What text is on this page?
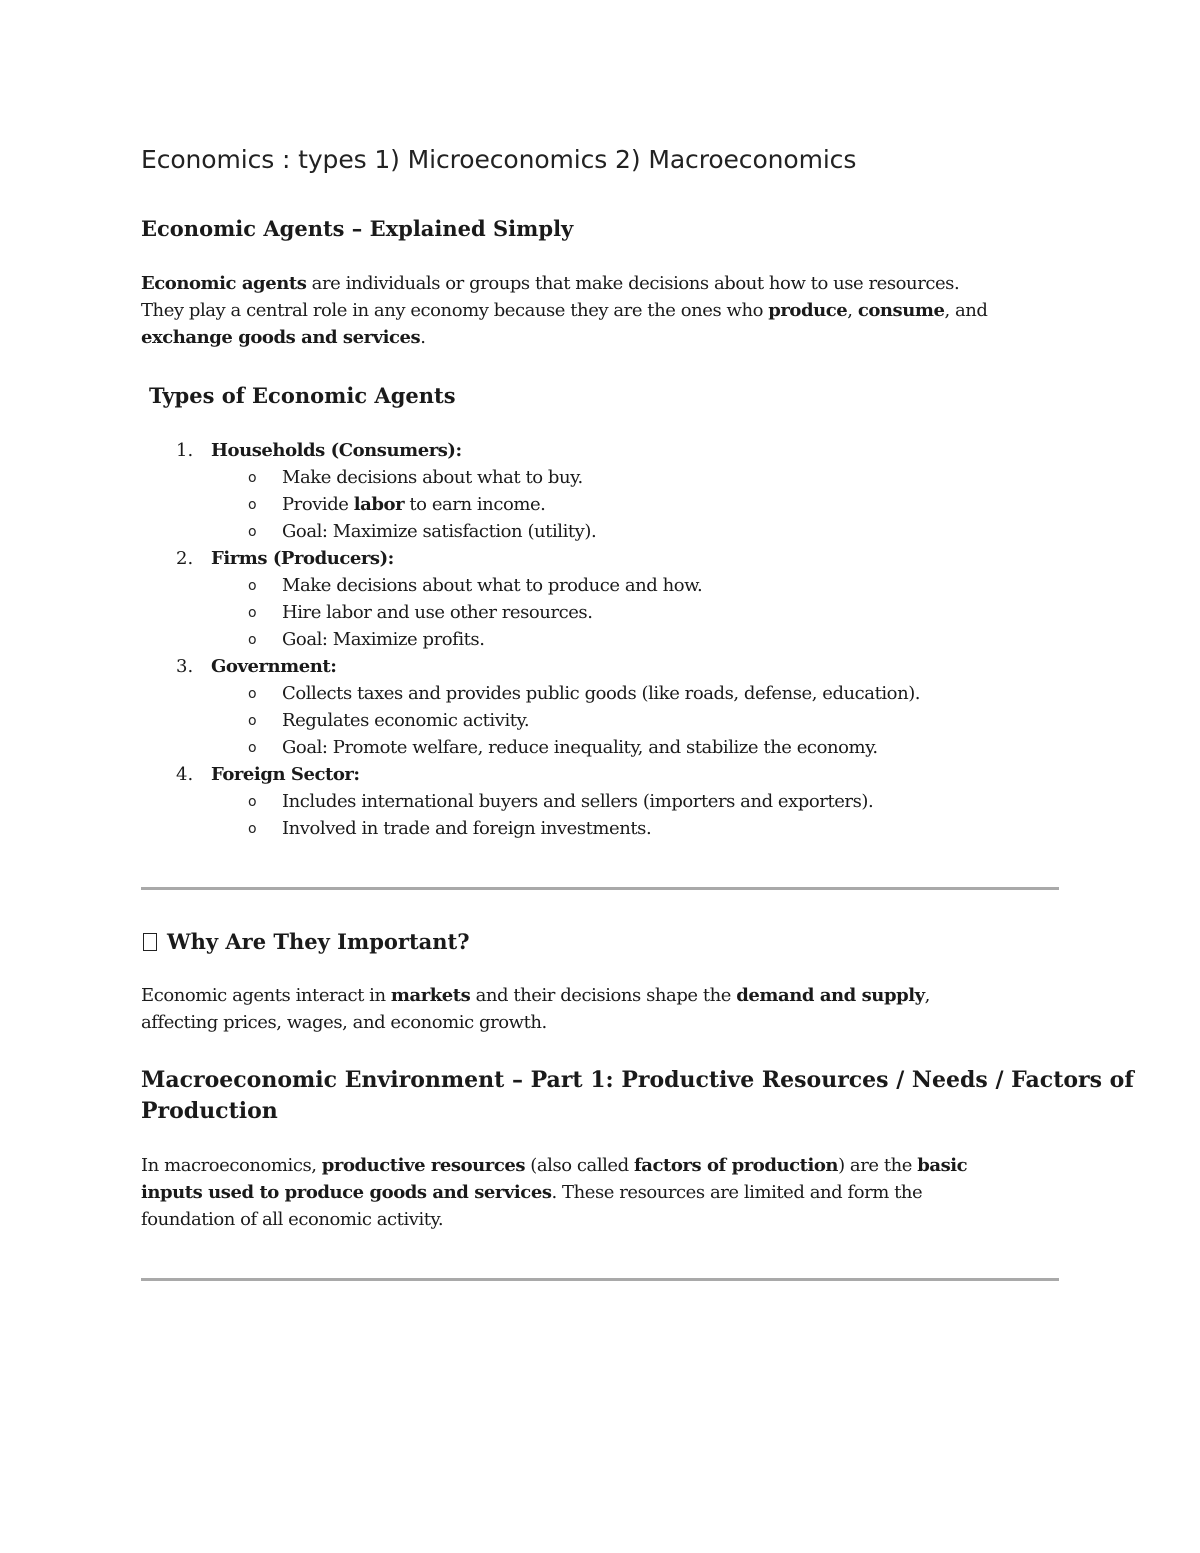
Economics : types 1) Microeconomics 2) Macroeconomics
Economic Agents – Explained Simply
Economic agents are individuals or groups that make decisions about how to use resources.
They play a central role in any economy because they are the ones who produce, consume, and
exchange goods and services.
Types of Economic Agents
1. Households (Consumers):
o Make decisions about what to buy.
o Provide labor to earn income.
o Goal: Maximize satisfaction (utility).
2. Firms (Producers):
o Make decisions about what to produce and how.
o Hire labor and use other resources.
o Goal: Maximize profits.
3. Government:
o Collects taxes and provides public goods (like roads, defense, education).
o Regulates economic activity.
o Goal: Promote welfare, reduce inequality, and stabilize the economy.
4. Foreign Sector:
o Includes international buyers and sellers (importers and exporters).
o Involved in trade and foreign investments.
Why Are They Important?
Economic agents interact in markets and their decisions shape the demand and supply,
affecting prices, wages, and economic growth.
Macroeconomic Environment – Part 1: Productive Resources / Needs / Factors of
Production
In macroeconomics, productive resources (also called factors of production) are the basic
inputs used to produce goods and services. These resources are limited and form the
foundation of all economic activity.
